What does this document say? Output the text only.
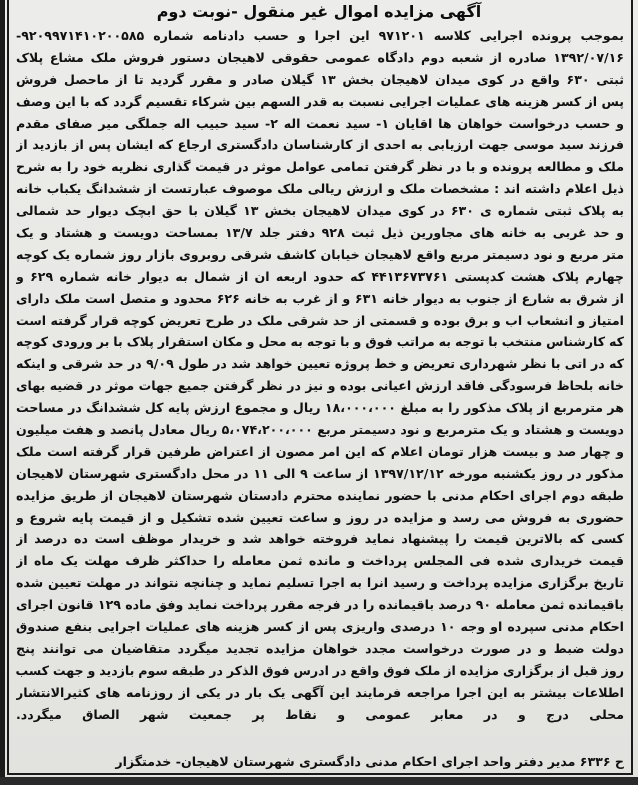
آگهی مزایده اموال غیر منقول -نوبت دوم
بموجب پرونده اجرایی کلاسه ۹۷۱۲۰۱ این اجرا و حسب دادنامه شماره ۹۲۰۹۹۷۱۴۱۰۲۰۰۵۸۵-
۱۳۹۲/۰۷/۱۶ صادره از شعبه دوم دادگاه عمومی حقوقی لاهیجان دستور فروش ملک مشاع پلاک
ثبتی ۶۳۰ واقع در کوی میدان لاهیجان بخش ۱۳ گیلان صادر و مقرر گردید تا از ماحصل فروش
پس از کسر هزینه های عملیات اجرایی نسبت به قدر السهم بین شرکاء تقسیم گردد که با این وصف
و حسب درخواست خواهان ها اقایان ۱- سید نعمت اله ۲- سید حبیب اله جملگی میر صفای مقدم
فرزند سید موسی جهت ارزیابی به احدی از کارشناسان دادگستری ارجاع که ایشان پس از بازدید از
ملک و مطالعه پرونده و با در نظر گرفتن تمامی عوامل موثر در قیمت گذاری نظریه خود را به شرح
ذیل اعلام داشته اند : مشخصات ملک و ارزش ریالی ملک موصوف عبارتست از ششدانگ یکباب خانه
به پلاک ثبتی شماره ی ۶۳۰ در کوی میدان لاهیجان بخش ۱۳ گیلان با حق ابچک دیوار حد شمالی
و حد غربی به خانه های مجاورین ذیل ثبت ۹۲۸ دفتر جلد ۱۳/۷ بمساحت دویست و هشتاد و یک
متر مربع و نود دسیمتر مربع واقع لاهیجان خیابان کاشف شرقی روبروی بازار روز شماره یک کوچه
چهارم پلاک هشت کدپستی ۴۴۱۳۶۷۳۷۶۱ که حدود اربعه ان از شمال به دیوار خانه شماره ۶۲۹ و
از شرق به شارع از جنوب به دیوار خانه ۶۳۱ و از غرب به خانه ۶۲۶ محدود و متصل است ملک دارای
امتیاز و انشعاب اب و برق بوده و قسمتی از حد شرقی ملک در طرح تعریض کوچه قرار گرفته است
که کارشناس منتخب با توجه به مراتب فوق و با توجه به محل و مکان استقرار پلاک با بر ورودی کوچه
که در اتی با نظر شهرداری تعریض و خط پروژه تعیین خواهد شد در طول ۹/۰۹ در حد شرقی و اینکه
خانه بلحاظ فرسودگی فاقد ارزش اعیانی بوده و نیز در نظر گرفتن جمیع جهات موثر در قضیه بهای
هر مترمربع از پلاک مذکور را به مبلغ ۱۸،۰۰۰،۰۰۰ ریال و مجموع ارزش پایه کل ششدانگ در مساحت
دویست و هشتاد و یک مترمربع و نود دسیمتر مربع ۵،۰۷۴،۲۰۰،۰۰۰ ریال معادل پانصد و هفت میلیون
و چهار صد و بیست هزار تومان اعلام که این امر مصون از اعتراض طرفین قرار گرفته است ملک
مذکور در روز یکشنبه مورخه ۱۳۹۷/۱۲/۱۲ از ساعت ۹ الی ۱۱ در محل دادگستری شهرستان لاهیجان
طبقه دوم اجرای احکام مدنی با حضور نماینده محترم دادستان شهرستان لاهیجان از طریق مزایده
حضوری به فروش می رسد و مزایده در روز و ساعت تعیین شده تشکیل و از قیمت پایه شروع و
کسی که بالاترین قیمت را پیشنهاد نماید فروخته خواهد شد و خریدار موظف است ده درصد از
قیمت خریداری شده فی المجلس پرداخت و مانده ثمن معامله را حداکثر ظرف مهلت یک ماه از
تاریخ برگزاری مزایده پرداخت و رسید انرا به اجرا تسلیم نماید و چنانچه نتواند در مهلت تعیین شده
باقیمانده ثمن معامله ۹۰ درصد باقیمانده را در فرجه مقرر پرداخت نماید وفق ماده ۱۲۹ قانون اجرای
احکام مدنی سپرده او وجه ۱۰ درصدی واریزی پس از کسر هزینه های عملیات اجرایی بنفع صندوق
دولت ضبط و در صورت درخواست مجدد خواهان مزایده تجدید میگردد متقاضیان می توانند پنج
روز قبل از برگزاری مزایده از ملک فوق واقع در ادرس فوق الذکر در طبقه سوم بازدید و جهت کسب
اطلاعات بیشتر به این اجرا مراجعه فرمایند این آگهی یک بار در یکی از روزنامه های کثیرالانتشار
محلی درج و در معابر عمومی و نقاط پر جمعیت شهر الصاق میگردد.
ح ۶۳۳۶ مدیر دفتر واحد اجرای احکام مدنی دادگستری شهرستان لاهیجان- خدمتگزار
